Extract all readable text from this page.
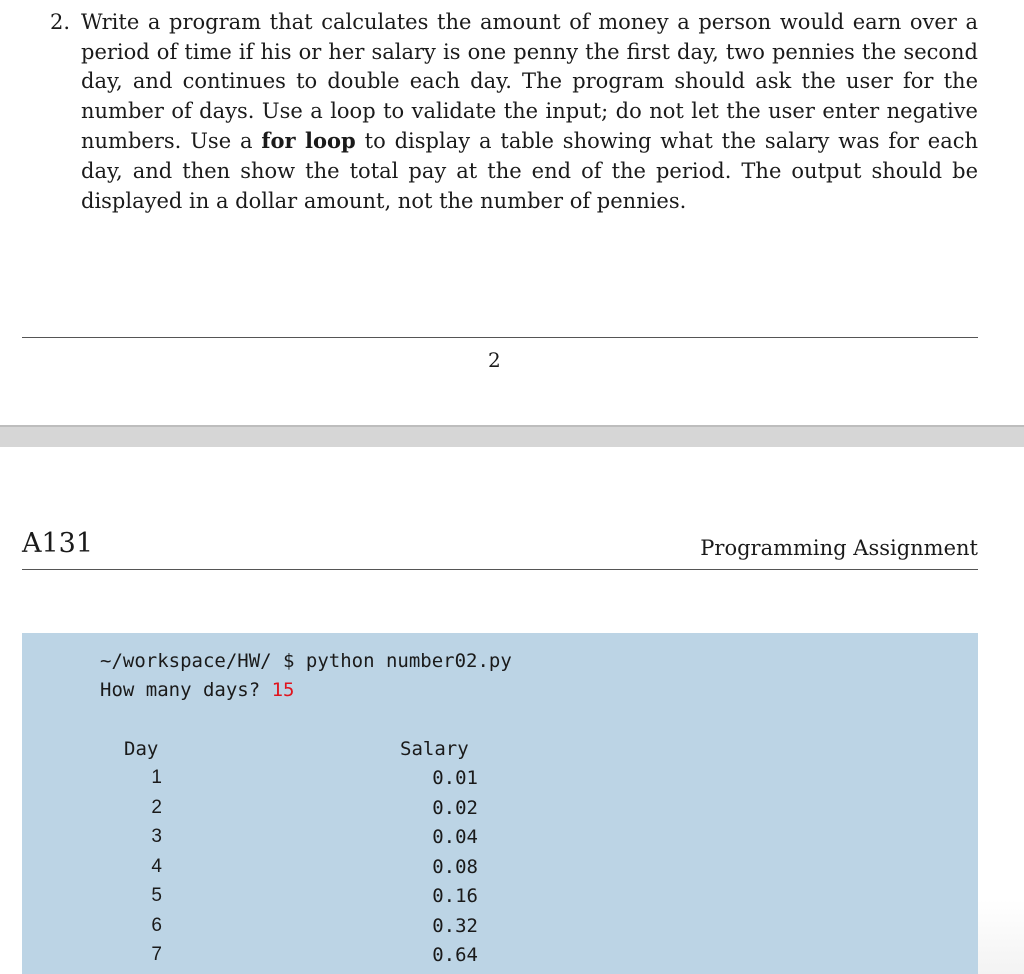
2. Write a program that calculates the amount of money a person would earn over a period of time if his or her salary is one penny the first day, two pennies the second day, and continues to double each day. The program should ask the user for the number of days. Use a loop to validate the input; do not let the user enter negative numbers. Use a for loop to display a table showing what the salary was for each day, and then show the total pay at the end of the period. The output should be displayed in a dollar amount, not the number of pennies.
2
A131	Programming Assignment
~/workspace/HW/ $ python number02.py
How many days? 15
Day	Salary
1	0.01
2	0.02
3	0.04
4	0.08
5	0.16
6	0.32
7	0.64
